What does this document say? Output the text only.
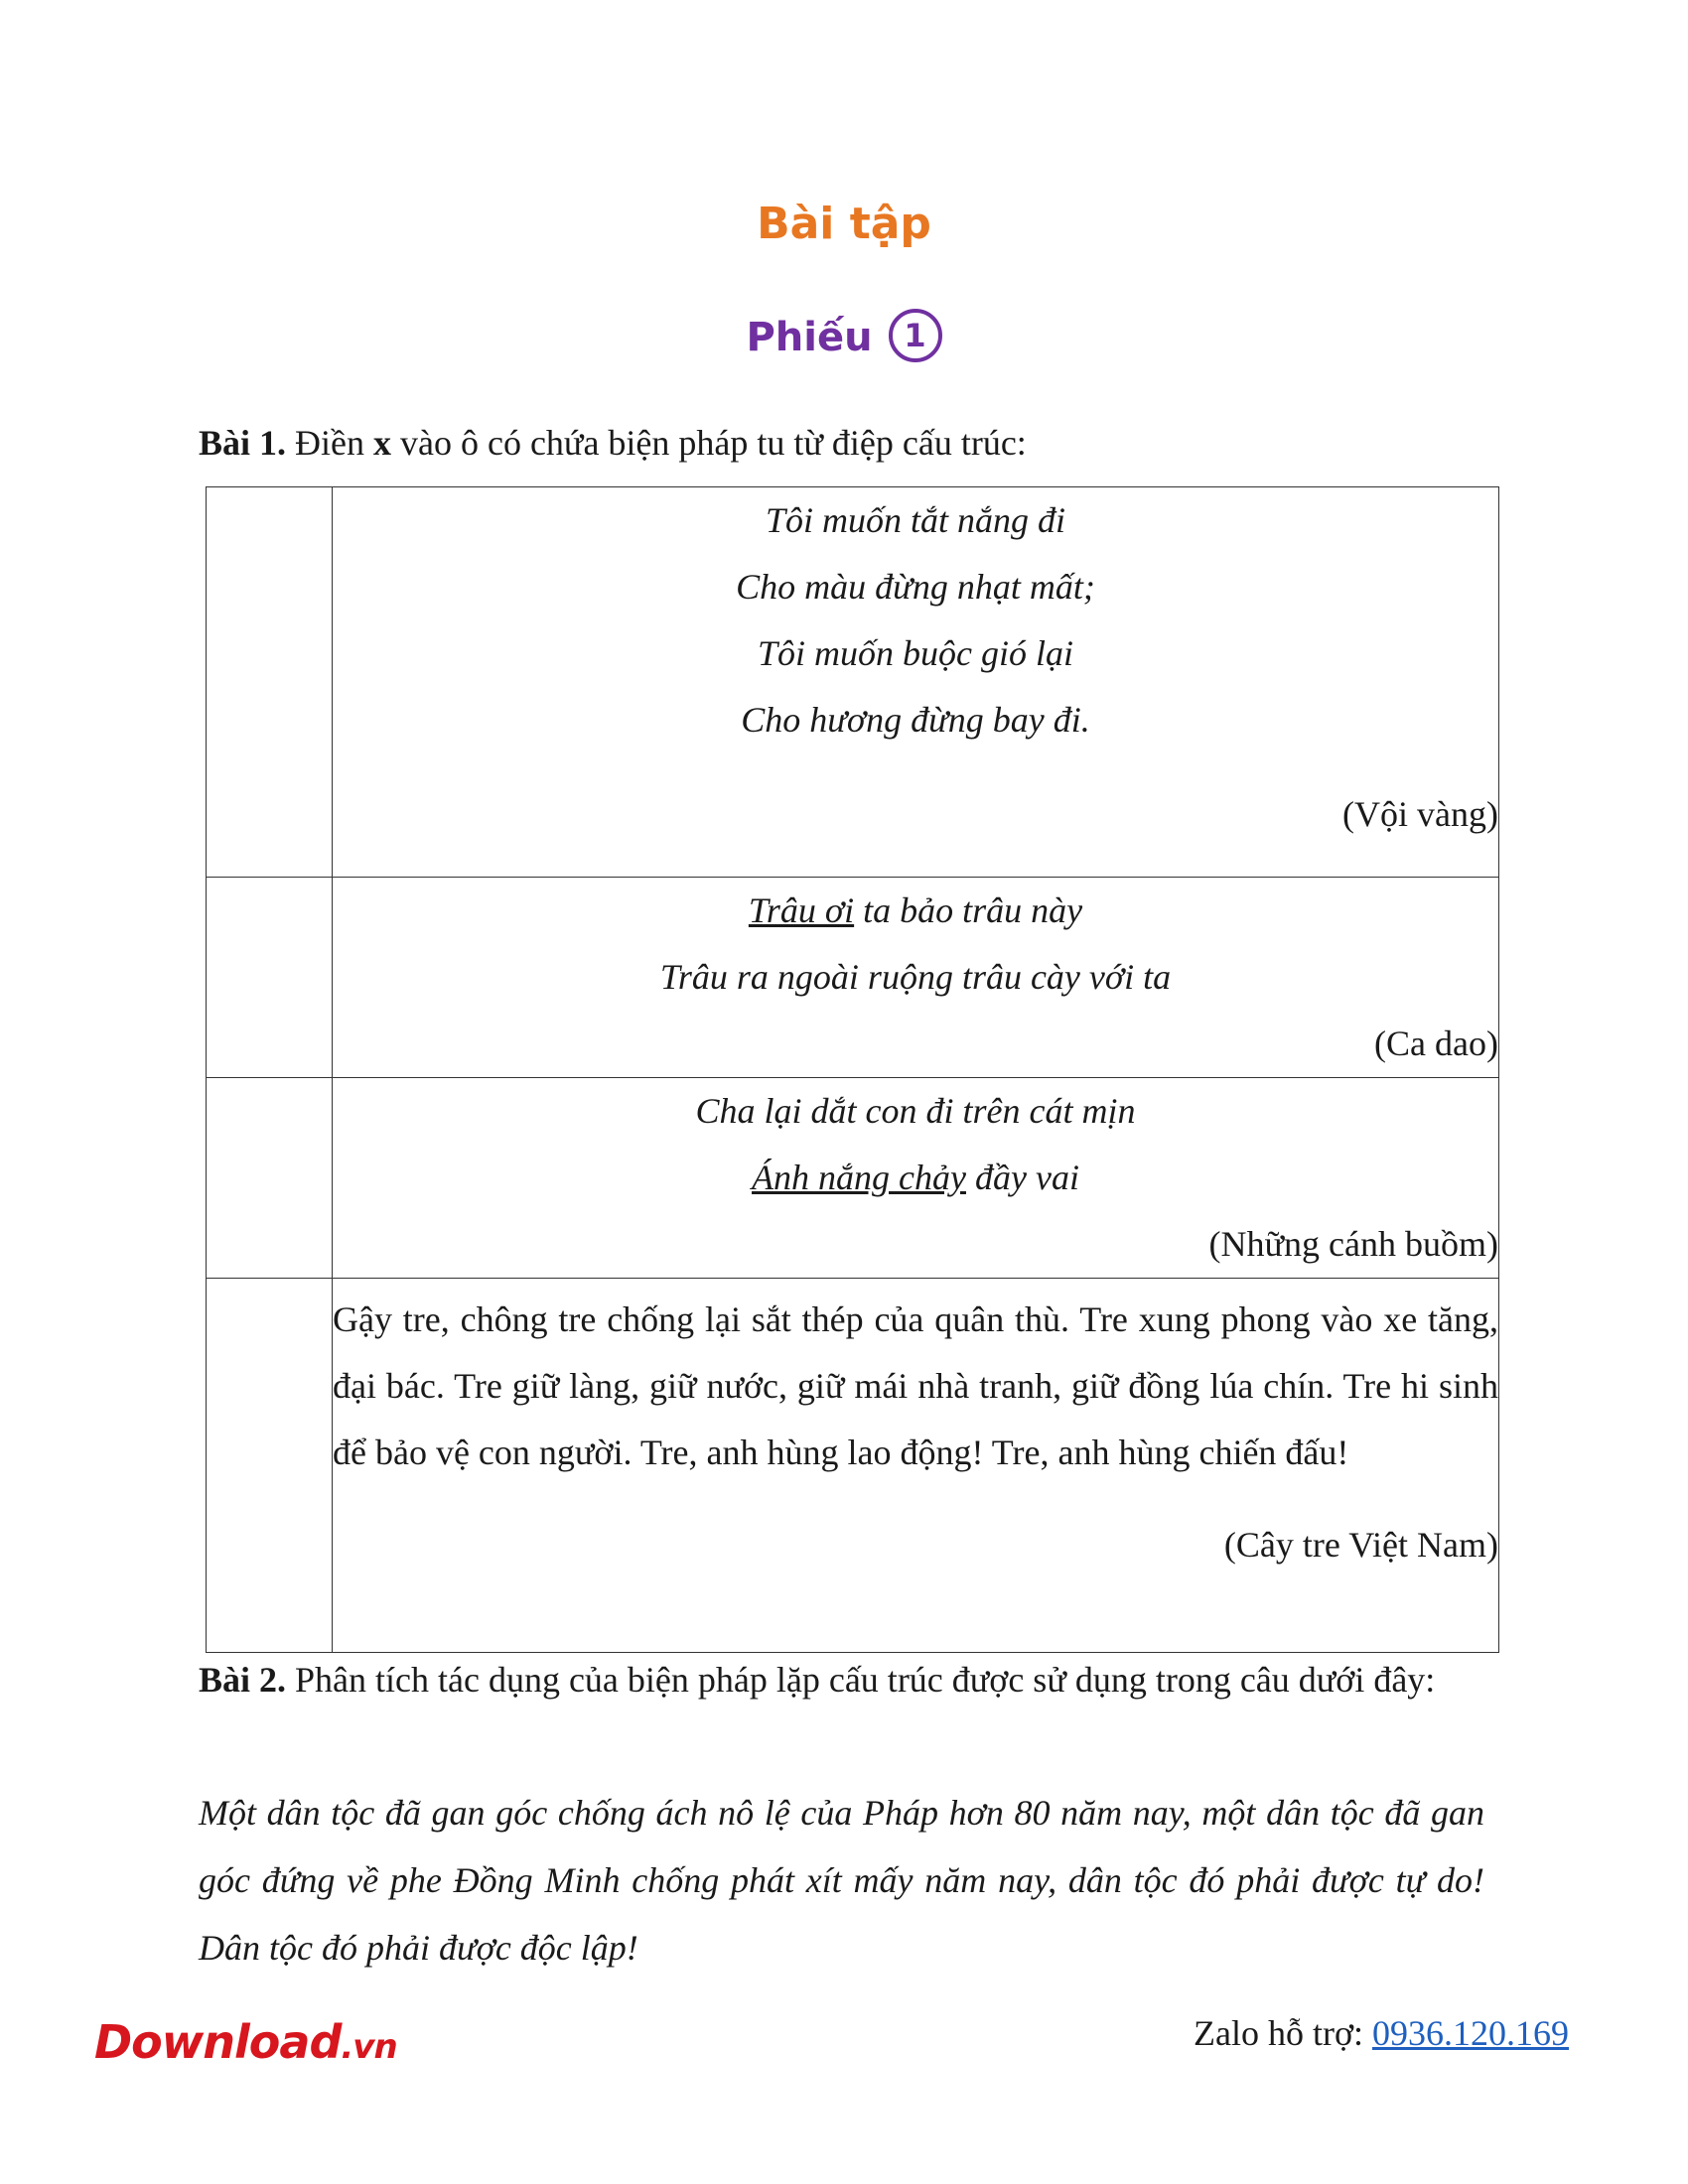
Bài tập
Phiếu 1

Bài 1. Điền x vào ô có chứa biện pháp tu từ điệp cấu trúc:

	Tôi muốn tắt nắng đi

Cho màu đừng nhạt mất;

Tôi muốn buộc gió lại

Cho hương đừng bay đi.

(Vội vàng)

	Trâu ơi ta bảo trâu này

Trâu ra ngoài ruộng trâu cày với ta

(Ca dao)

	Cha lại dắt con đi trên cát mịn

Ánh nắng chảy đầy vai

(Những cánh buồm)

	Gậy tre, chông tre chống lại sắt thép của quân thù. Tre xung phong vào xe tăng, đại bác. Tre giữ làng, giữ nước, giữ mái nhà tranh, giữ đồng lúa chín. Tre hi sinh để bảo vệ con người. Tre, anh hùng lao động! Tre, anh hùng chiến đấu!

(Cây tre Việt Nam)

Bài 2. Phân tích tác dụng của biện pháp lặp cấu trúc được sử dụng trong câu dưới đây:

Một dân tộc đã gan góc chống ách nô lệ của Pháp hơn 80 năm nay, một dân tộc đã gan góc đứng về phe Đồng Minh chống phát xít mấy năm nay, dân tộc đó phải được tự do! Dân tộc đó phải được độc lập!

Download.vn	Zalo hỗ trợ: 0936.120.169
